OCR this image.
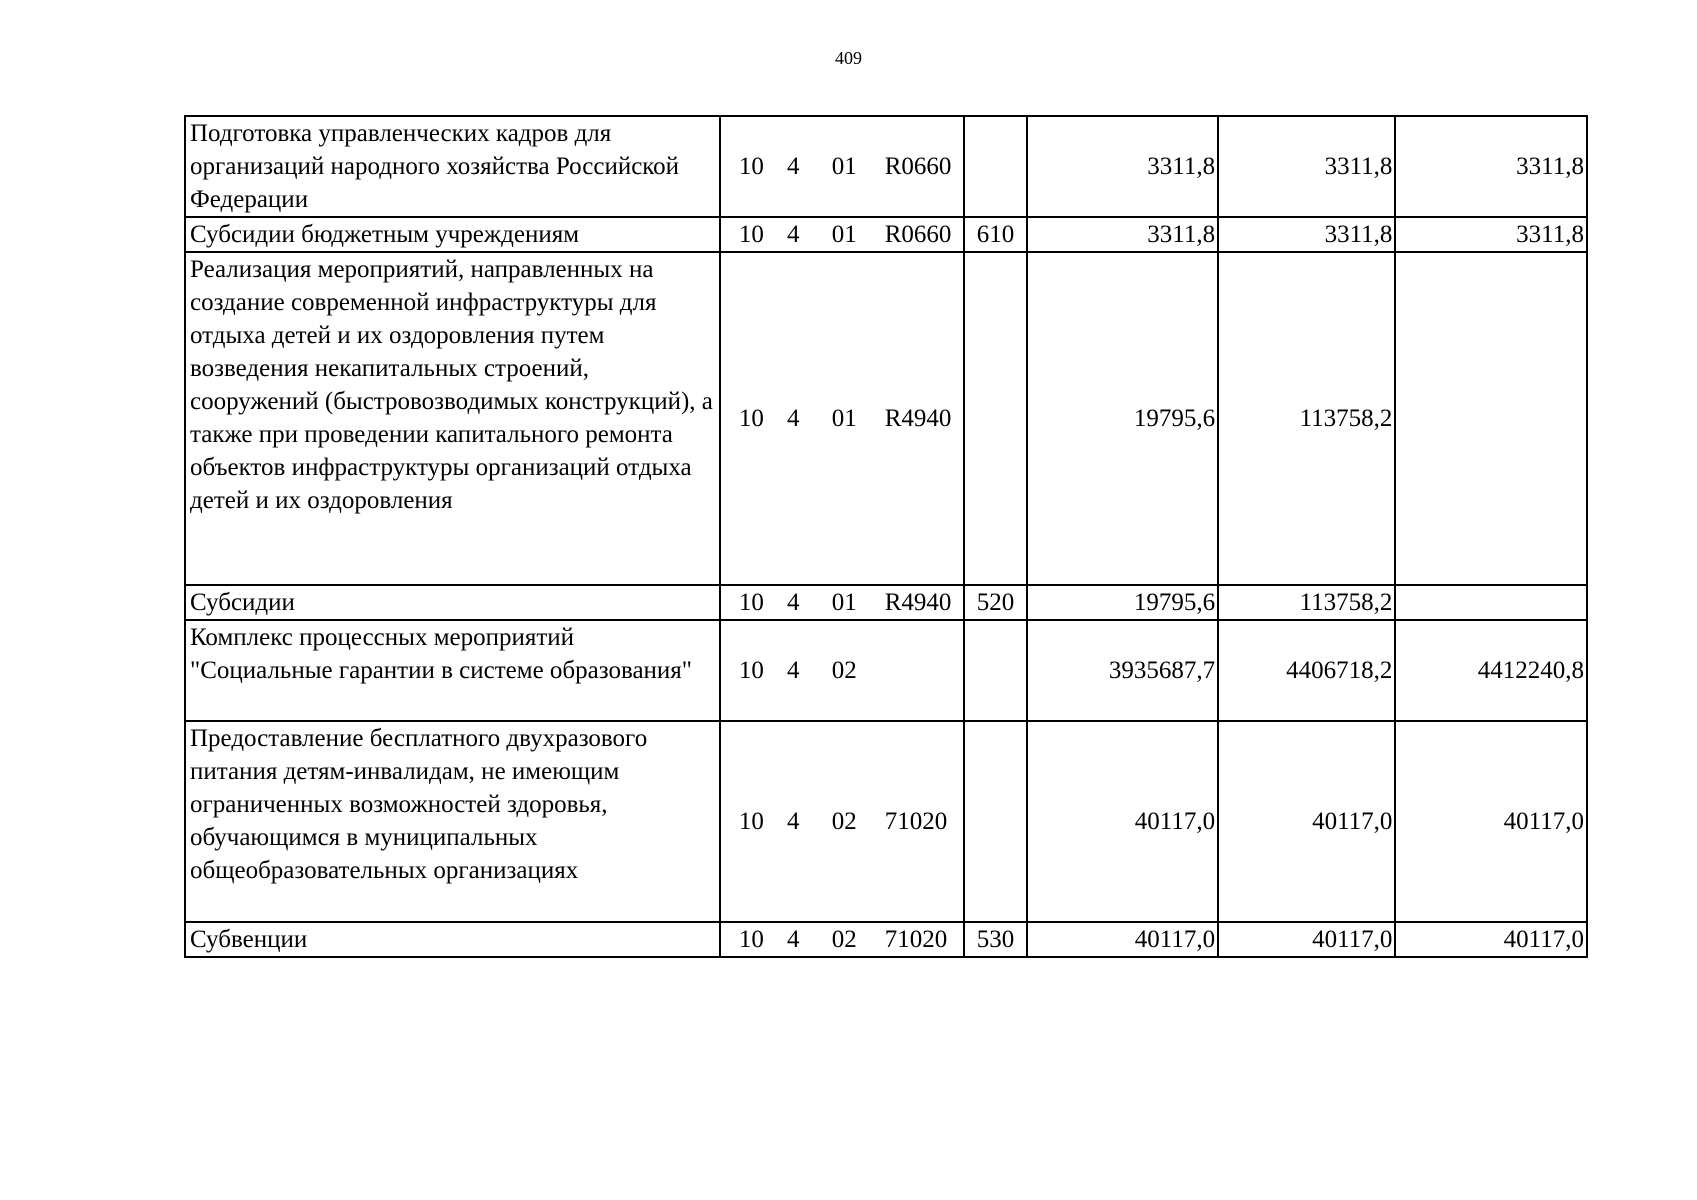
409
Подготовка управленческих кадров для организаций народного хозяйства Российской Федерации	10	4	01	R0660		3311,8	3311,8	3311,8
Субсидии бюджетным учреждениям	10	4	01	R0660	610	3311,8	3311,8	3311,8
Реализация мероприятий, направленных на создание современной инфраструктуры для отдыха детей и их оздоровления путем возведения некапитальных строений, сооружений (быстровозводимых конструкций), а также при проведении капитального ремонта объектов инфраструктуры организаций отдыха детей и их оздоровления	10	4	01	R4940		19795,6	113758,2	
Субсидии	10	4	01	R4940	520	19795,6	113758,2	
Комплекс процессных мероприятий "Социальные гарантии в системе образования"	10	4	02			3935687,7	4406718,2	4412240,8
Предоставление бесплатного двухразового питания детям-инвалидам, не имеющим ограниченных возможностей здоровья, обучающимся в муниципальных общеобразовательных организациях	10	4	02	71020		40117,0	40117,0	40117,0
Субвенции	10	4	02	71020	530	40117,0	40117,0	40117,0
